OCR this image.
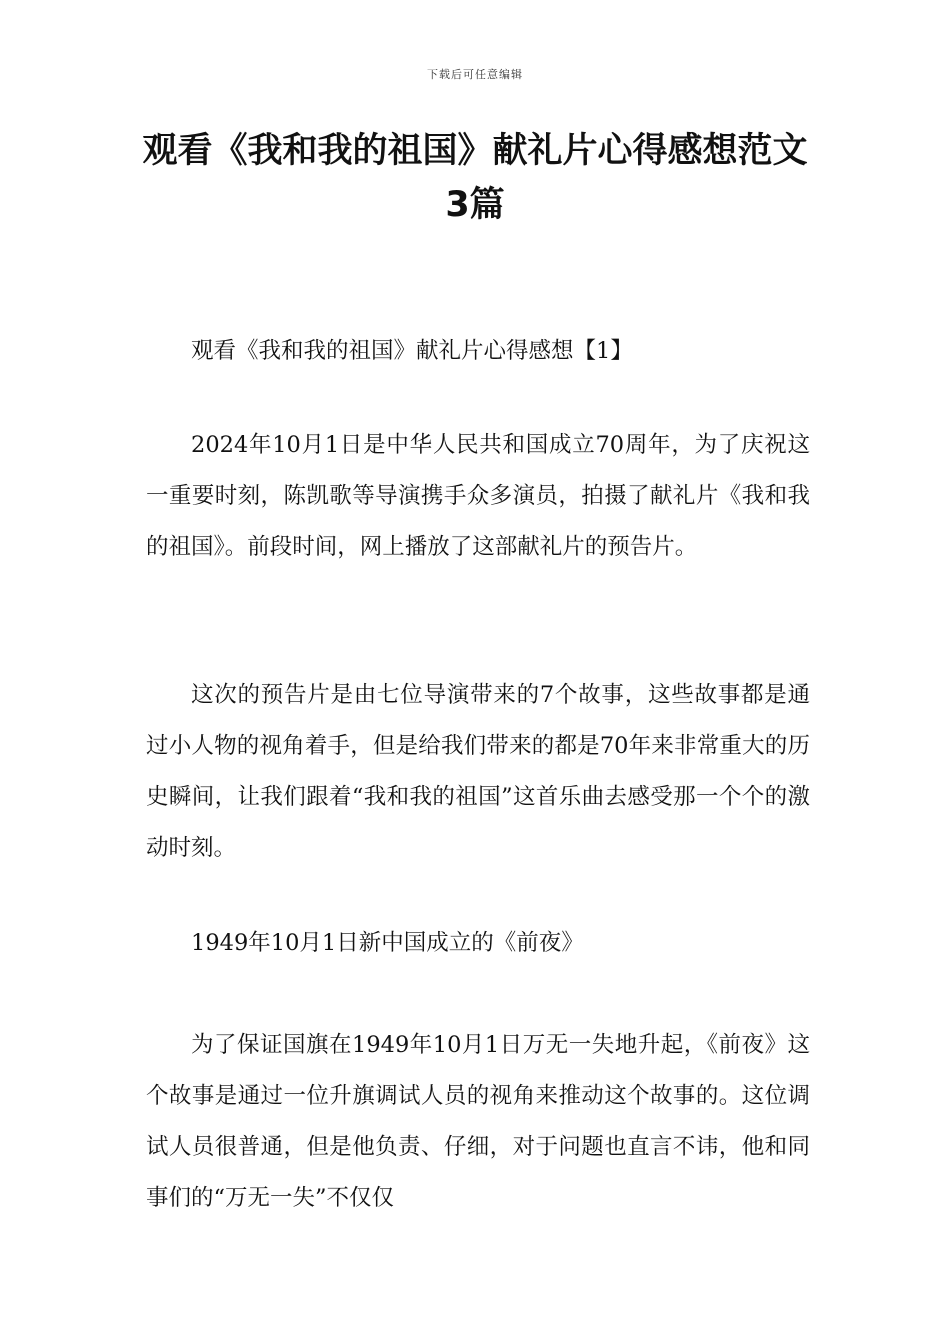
下载后可任意编辑
观看《我和我的祖国》献礼片心得感想范文3篇

观看《我和我的祖国》献礼片心得感想【1】

2024年10月1日是中华人民共和国成立70周年，为了庆祝这一重要时刻，陈凯歌等导演携手众多演员，拍摄了献礼片《我和我的祖国》。前段时间，网上播放了这部献礼片的预告片。

这次的预告片是由七位导演带来的7个故事，这些故事都是通过小人物的视角着手，但是给我们带来的都是70年来非常重大的历史瞬间，让我们跟着“我和我的祖国”这首乐曲去感受那一个个的激动时刻。

1949年10月1日新中国成立的《前夜》

为了保证国旗在1949年10月1日万无一失地升起，《前夜》这个故事是通过一位升旗调试人员的视角来推动这个故事的。这位调试人员很普通，但是他负责、仔细，对于问题也直言不讳，他和同事们的“万无一失”不仅仅
